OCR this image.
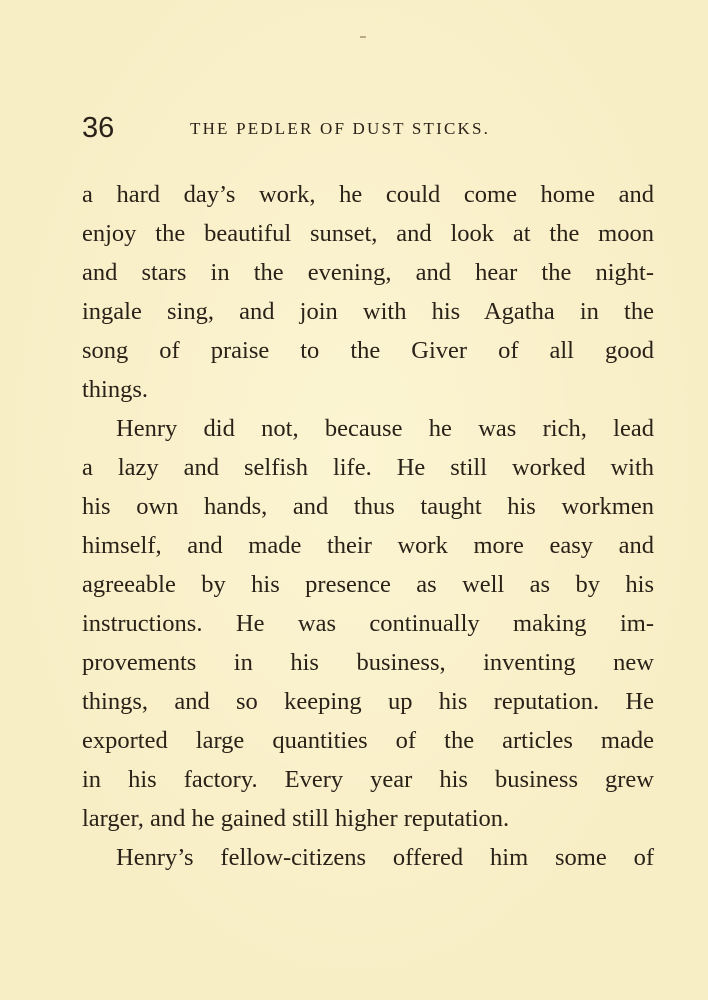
36	THE PEDLER OF DUST STICKS.
a hard day’s work, he could come home and
enjoy the beautiful sunset, and look at the moon
and stars in the evening, and hear the night-
ingale sing, and join with his Agatha in the
song of praise to the Giver of all good
things.
Henry did not, because he was rich, lead
a lazy and selfish life. He still worked with
his own hands, and thus taught his workmen
himself, and made their work more easy and
agreeable by his presence as well as by his
instructions. He was continually making im-
provements in his business, inventing new
things, and so keeping up his reputation. He
exported large quantities of the articles made
in his factory. Every year his business grew
larger, and he gained still higher reputation.
Henry’s fellow-citizens offered him some of
